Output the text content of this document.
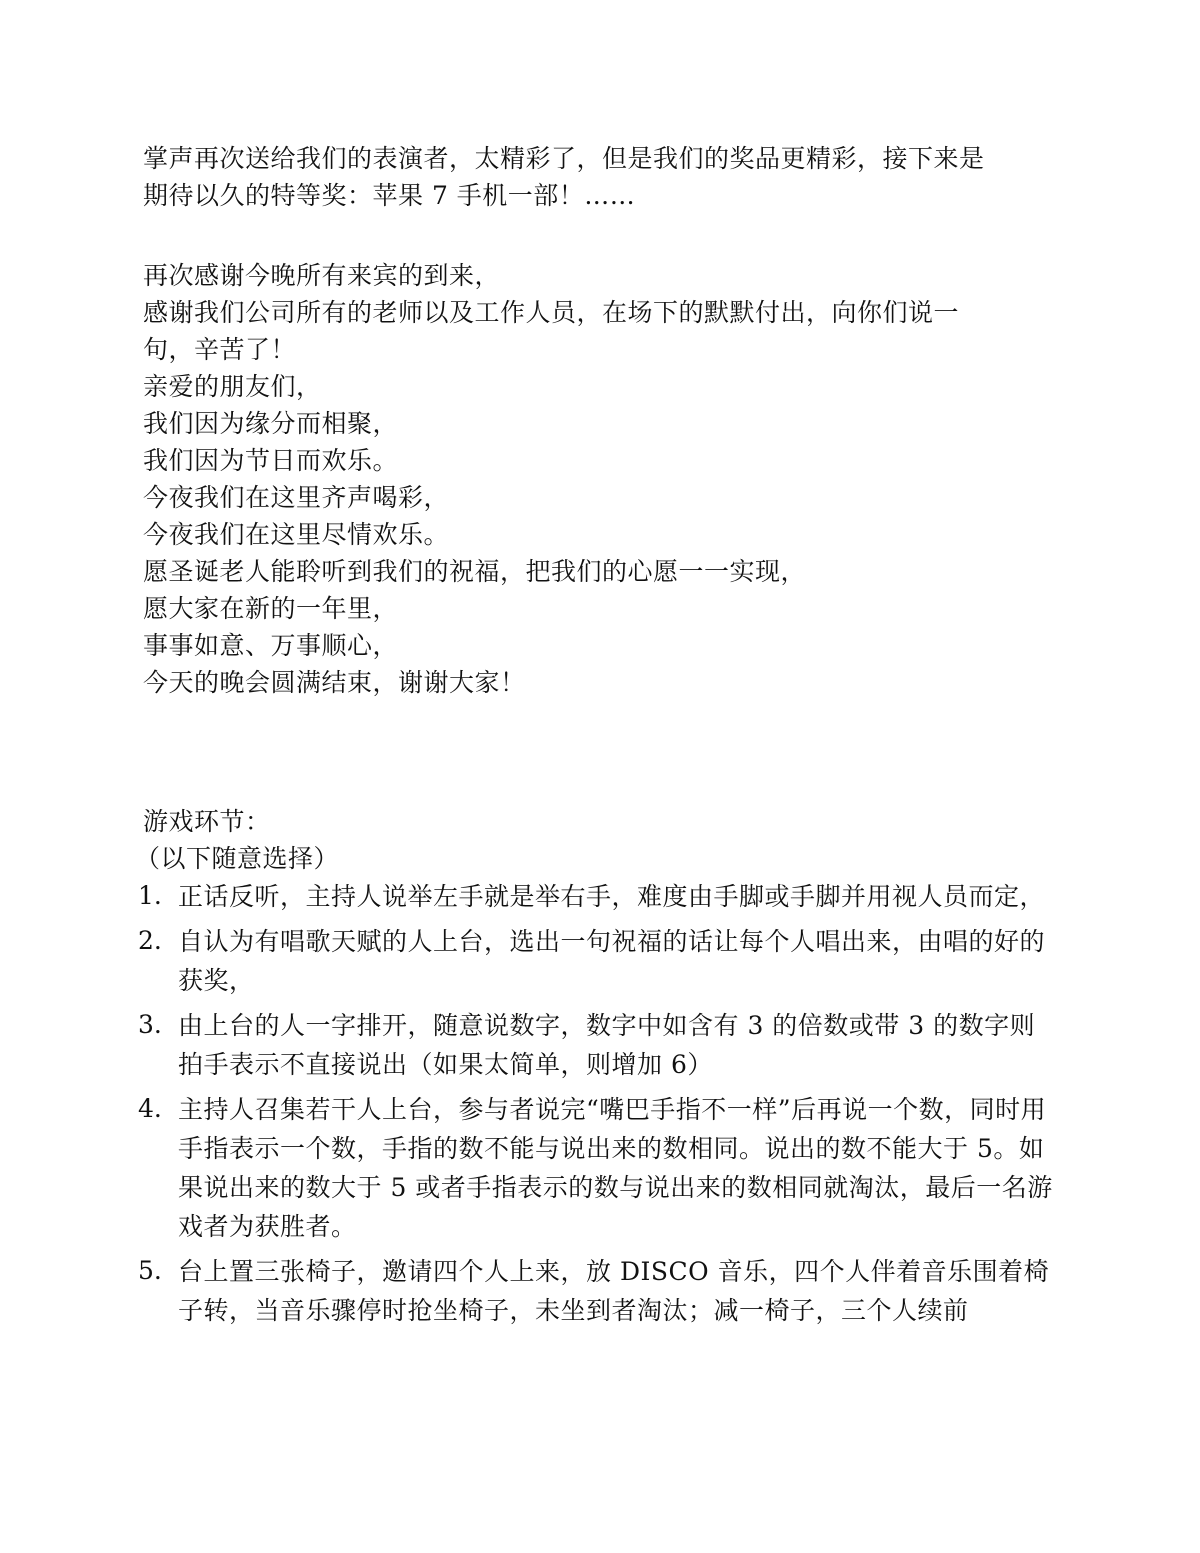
掌声再次送给我们的表演者，太精彩了，但是我们的奖品更精彩，接下来是
期待以久的特等奖：苹果 7 手机一部！……
再次感谢今晚所有来宾的到来，
感谢我们公司所有的老师以及工作人员，在场下的默默付出，向你们说一
句，辛苦了！
亲爱的朋友们，
我们因为缘分而相聚，
我们因为节日而欢乐。
今夜我们在这里齐声喝彩，
今夜我们在这里尽情欢乐。
愿圣诞老人能聆听到我们的祝福，把我们的心愿一一实现，
愿大家在新的一年里，
事事如意、万事顺心，
今天的晚会圆满结束，谢谢大家！
游戏环节：
（以下随意选择）
1. 正话反听，主持人说举左手就是举右手，难度由手脚或手脚并用视人员而定，
2. 自认为有唱歌天赋的人上台，选出一句祝福的话让每个人唱出来，由唱的好的获奖，
3. 由上台的人一字排开，随意说数字，数字中如含有 3 的倍数或带 3 的数字则拍手表示不直接说出（如果太简单，则增加 6）
4. 主持人召集若干人上台，参与者说完“嘴巴手指不一样”后再说一个数，同时用手指表示一个数，手指的数不能与说出来的数相同。说出的数不能大于 5。如果说出来的数大于 5 或者手指表示的数与说出来的数相同就淘汰，最后一名游戏者为获胜者。
5. 台上置三张椅子，邀请四个人上来，放 DISCO 音乐，四个人伴着音乐围着椅子转，当音乐骤停时抢坐椅子，未坐到者淘汰；减一椅子，三个人续前
